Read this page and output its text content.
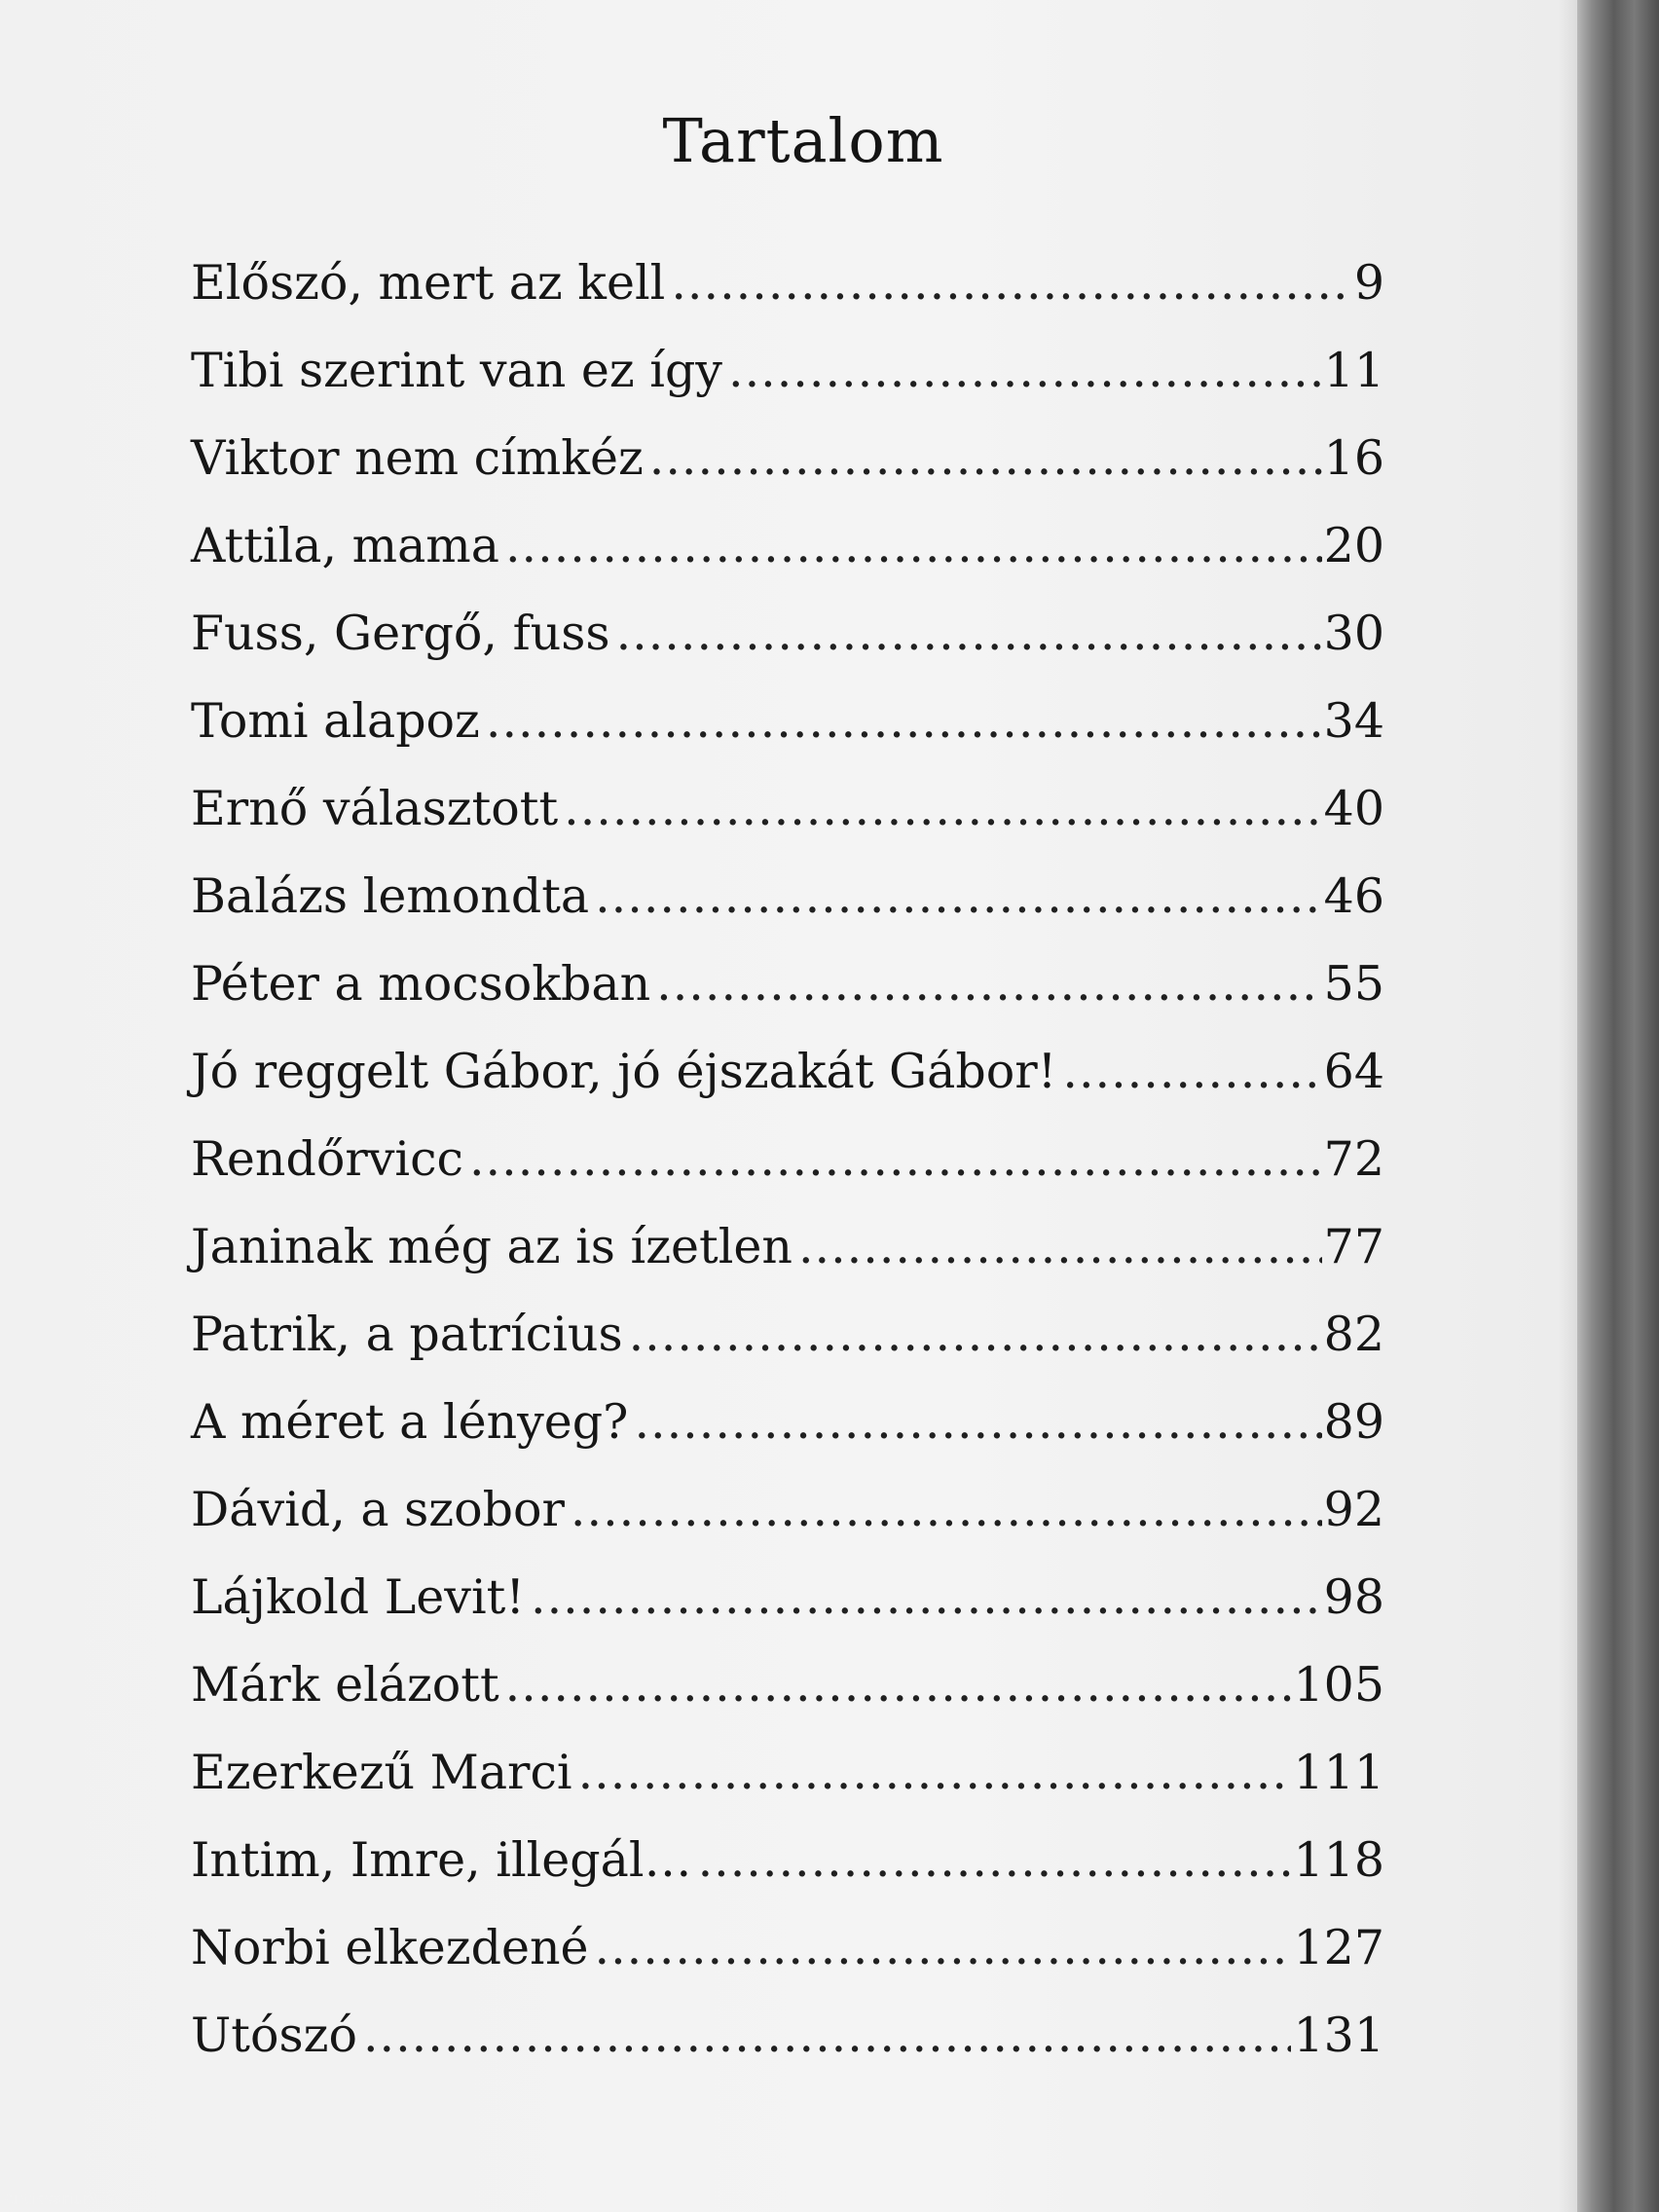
Tartalom
Előszó, mert az kell .....	9
Tibi szerint van ez így .....	11
Viktor nem címkéz .....	16
Attila, mama .....	20
Fuss, Gergő, fuss .....	30
Tomi alapoz .....	34
Ernő választott .....	40
Balázs lemondta .....	46
Péter a mocsokban .....	55
Jó reggelt Gábor, jó éjszakát Gábor! .....	64
Rendőrvicc .....	72
Janinak még az is ízetlen .....	77
Patrik, a patrícius .....	82
A méret a lényeg? .....	89
Dávid, a szobor .....	92
Lájkold Levit! .....	98
Márk elázott .....	105
Ezerkezű Marci .....	111
Intim, Imre, illegál… .....	118
Norbi elkezdené .....	127
Utószó .....	131
Antikvarium.hu
